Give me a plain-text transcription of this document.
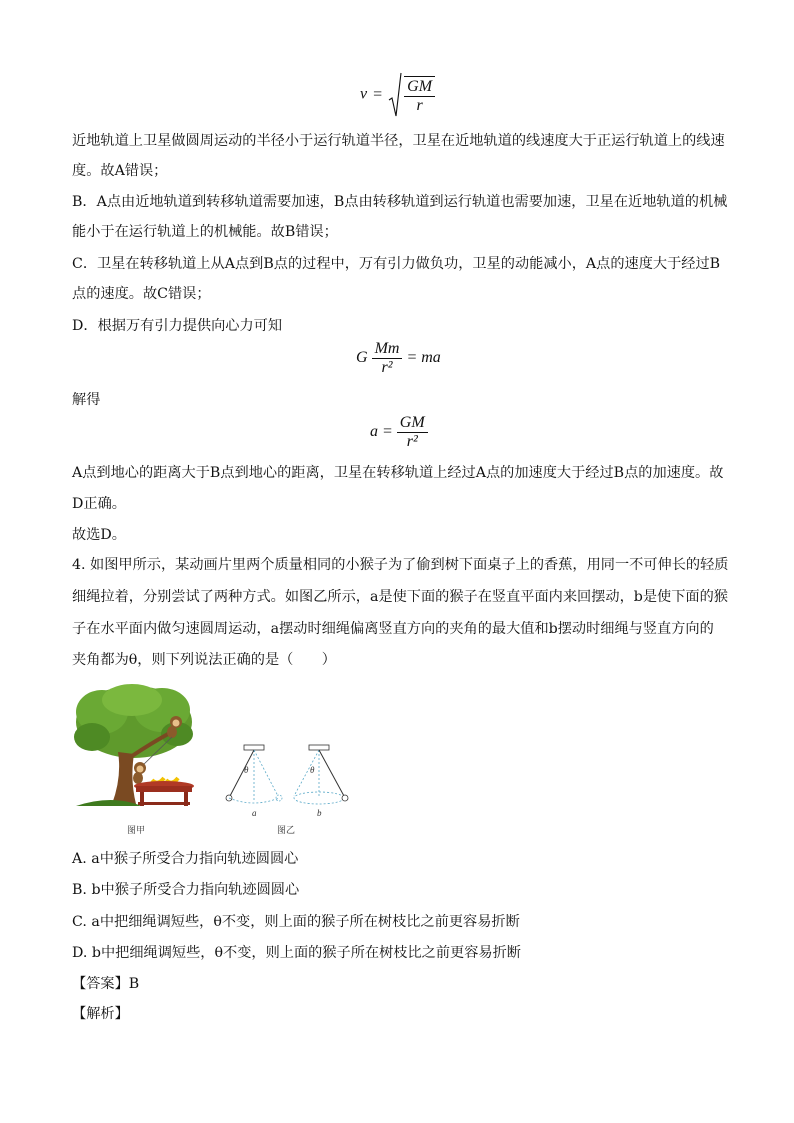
$v = \frac{GM}{r}$
近地轨道上卫星做圆周运动的半径小于运行轨道半径，卫星在近地轨道的线速度大于正运行轨道上的线速
度。故A错误；
B．A点由近地轨道到转移轨道需要加速，B点由转移轨道到运行轨道也需要加速，卫星在近地轨道的机械
能小于在运行轨道上的机械能。故B错误；
C．卫星在转移轨道上从A点到B点的过程中，万有引力做负功，卫星的动能减小，A点的速度大于经过B
点的速度。故C错误；
D．根据万有引力提供向心力可知
G $\frac{Mm}{\text{r²}}$ = ma
解得
$a = \frac{GM}{\text{r²}}$
A点到地心的距离大于B点到地心的距离，卫星在转移轨道上经过A点的加速度大于经过B点的加速度。故
D正确。
故选D。
4. 如图甲所示，某动画片里两个质量相同的小猴子为了偷到树下面桌子上的香蕉，用同一不可伸长的轻质
细绳拉着，分别尝试了两种方式。如图乙所示，a是使下面的猴子在竖直平面内来回摆动，b是使下面的猴
子在水平面内做匀速圆周运动，a摆动时细绳偏离竖直方向的夹角的最大值和b摆动时细绳与竖直方向的
夹角都为θ，则下列说法正确的是（　　）
图甲
θ	θ
a	b
图乙
A. a中猴子所受合力指向轨迹圆圆心
B. b中猴子所受合力指向轨迹圆圆心
C. a中把细绳调短些，θ不变，则上面的猴子所在树枝比之前更容易折断
D. b中把细绳调短些，θ不变，则上面的猴子所在树枝比之前更容易折断
【答案】B
【解析】
